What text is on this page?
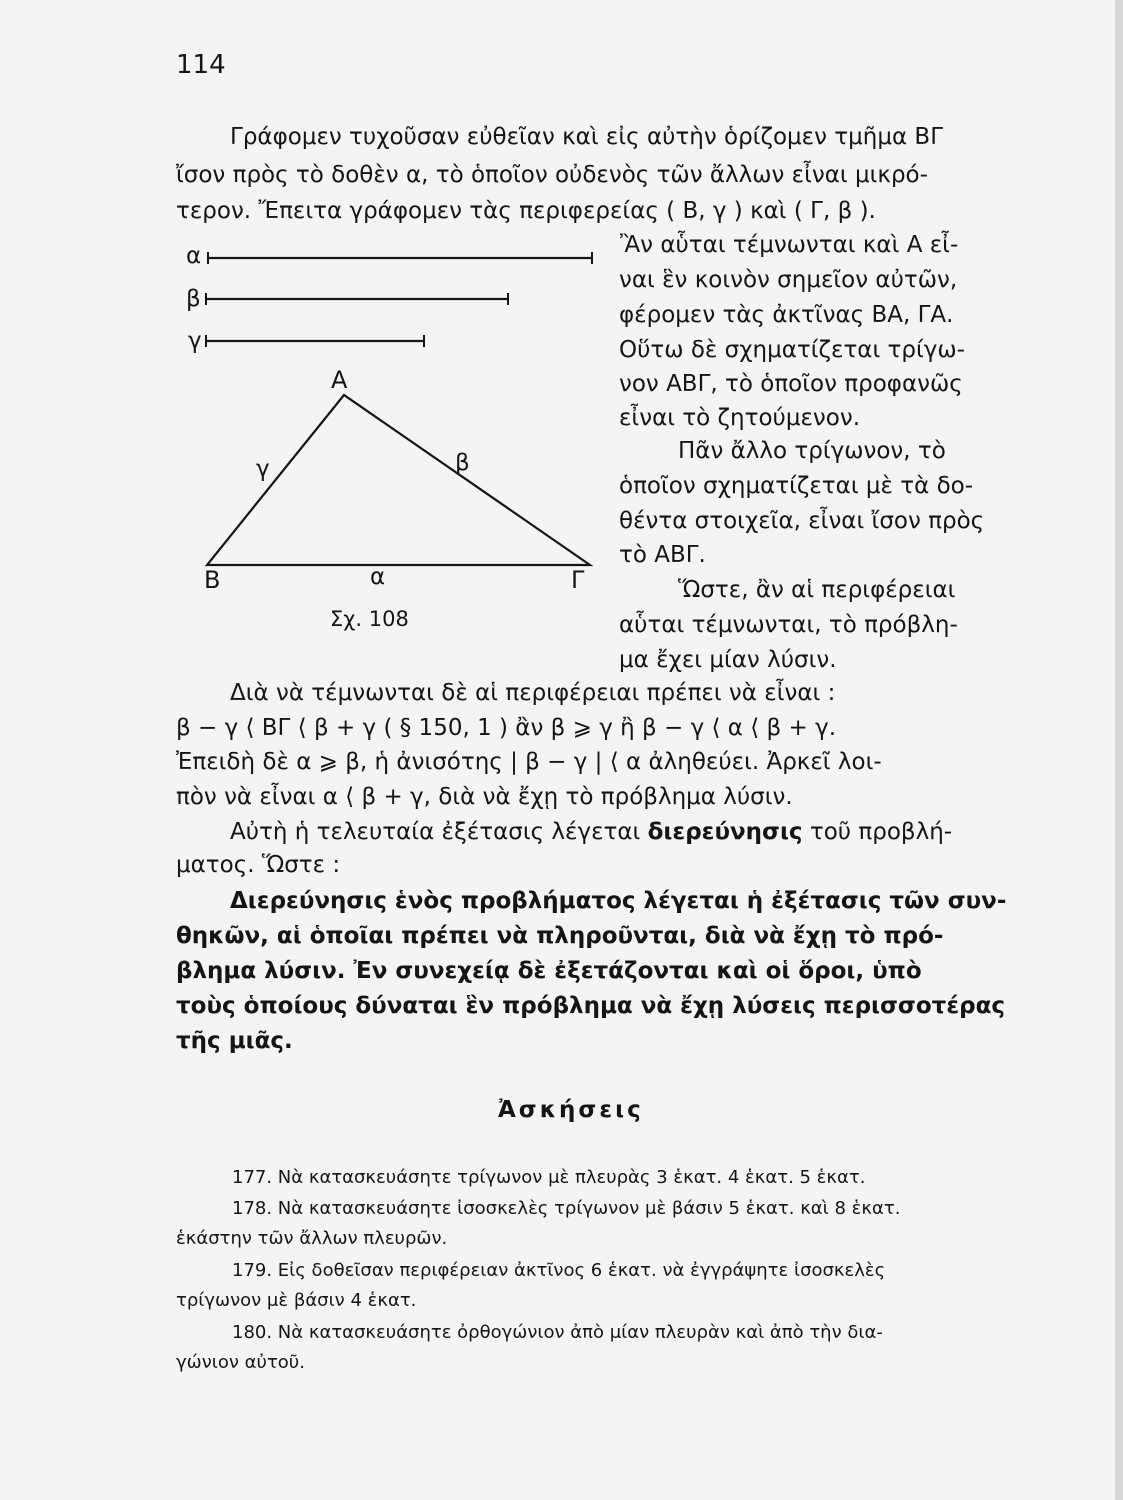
114
Γράφομεν τυχοῦσαν εὐθεῖαν καὶ εἰς αὐτὴν ὁρίζομεν τμῆμα ΒΓ
ἴσον πρὸς τὸ δοθὲν α, τὸ ὁποῖον οὐδενὸς τῶν ἄλλων εἶναι μικρό-
τερον. Ἔπειτα γράφομεν τὰς περιφερείας ( Β, γ ) καὶ ( Γ, β ).
α
β
γ
Α
Β	Γ
γ	β
α
Σχ. 108
Ἂν αὗται τέμνωνται καὶ Α εἶ-
ναι ἓν κοινὸν σημεῖον αὐτῶν,
φέρομεν τὰς ἀκτῖνας ΒΑ, ΓΑ.
Οὕτω δὲ σχηματίζεται τρίγω-
νον ΑΒΓ, τὸ ὁποῖον προφανῶς
εἶναι τὸ ζητούμενον.
Πᾶν ἄλλο τρίγωνον, τὸ
ὁποῖον σχηματίζεται μὲ τὰ δο-
θέντα στοιχεῖα, εἶναι ἴσον πρὸς
τὸ ΑΒΓ.
Ὥστε, ἂν αἱ περιφέρειαι
αὗται τέμνωνται, τὸ πρόβλη-
μα ἔχει μίαν λύσιν.
Διὰ νὰ τέμνωνται δὲ αἱ περιφέρειαι πρέπει νὰ εἶναι :
β − γ ⟨ ΒΓ ⟨ β + γ ( § 150, 1 ) ἂν β ⩾ γ ἢ β − γ ⟨ α ⟨ β + γ.
Ἐπειδὴ δὲ α ⩾ β, ἡ ἀνισότης | β − γ | ⟨ α ἀληθεύει. Ἀρκεῖ λοι-
πὸν νὰ εἶναι α ⟨ β + γ, διὰ νὰ ἔχῃ τὸ πρόβλημα λύσιν.
Αὐτὴ ἡ τελευταία ἐξέτασις λέγεται διερεύνησις τοῦ προβλή-
ματος. Ὥστε :
Διερεύνησις ἑνὸς προβλήματος λέγεται ἡ ἐξέτασις τῶν συν-
θηκῶν, αἱ ὁποῖαι πρέπει νὰ πληροῦνται, διὰ νὰ ἔχῃ τὸ πρό-
βλημα λύσιν. Ἐν συνεχείᾳ δὲ ἐξετάζονται καὶ οἱ ὅροι, ὑπὸ
τοὺς ὁποίους δύναται ἓν πρόβλημα νὰ ἔχῃ λύσεις περισσοτέρας
τῆς μιᾶς.
Ἀσκήσεις
177. Νὰ κατασκευάσητε τρίγωνον μὲ πλευρὰς 3 ἑκατ. 4 ἑκατ. 5 ἑκατ.
178. Νὰ κατασκευάσητε ἰσοσκελὲς τρίγωνον μὲ βάσιν 5 ἑκατ. καὶ 8 ἑκατ.
ἑκάστην τῶν ἄλλων πλευρῶν.
179. Εἰς δοθεῖσαν περιφέρειαν ἀκτῖνος 6 ἑκατ. νὰ ἐγγράψητε ἰσοσκελὲς
τρίγωνον μὲ βάσιν 4 ἑκατ.
180. Νὰ κατασκευάσητε ὀρθογώνιον ἀπὸ μίαν πλευρὰν καὶ ἀπὸ τὴν δια-
γώνιον αὐτοῦ.
